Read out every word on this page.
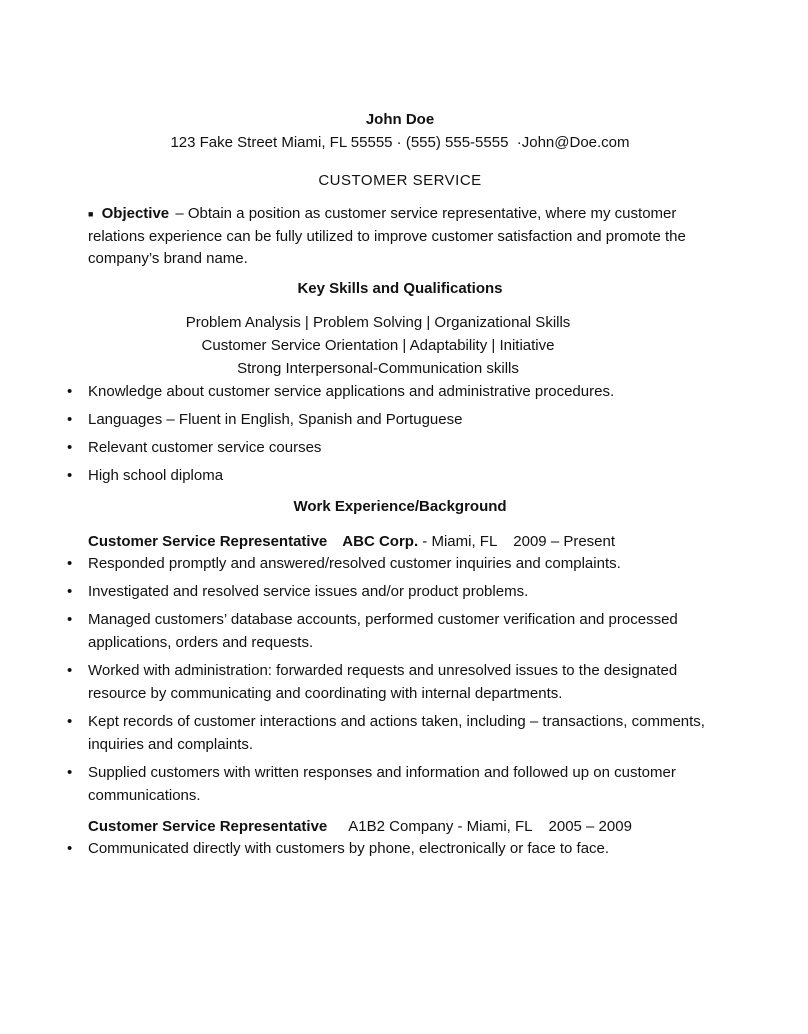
John Doe
123 Fake Street Miami, FL 55555 · (555) 555-5555  ·John@Doe.com
CUSTOMER SERVICE

■ Objective – Obtain a position as customer service representative, where my customer relations experience can be fully utilized to improve customer satisfaction and promote the company’s brand name.

Key Skills and Qualifications
Problem Analysis | Problem Solving | Organizational Skills
Customer Service Orientation | Adaptability | Initiative
Strong Interpersonal-Communication skills
• Knowledge about customer service applications and administrative procedures.
• Languages – Fluent in English, Spanish and Portuguese
• Relevant customer service courses
• High school diploma
Work Experience/Background
Customer Service Representative ABC Corp. - Miami, FL 2009 – Present
• Responded promptly and answered/resolved customer inquiries and complaints.
• Investigated and resolved service issues and/or product problems.
• Managed customers’ database accounts, performed customer verification and processed applications, orders and requests.
• Worked with administration: forwarded requests and unresolved issues to the designated resource by communicating and coordinating with internal departments.
• Kept records of customer interactions and actions taken, including – transactions, comments, inquiries and complaints.
• Supplied customers with written responses and information and followed up on customer communications.
Customer Service Representative A1B2 Company - Miami, FL 2005 – 2009
• Communicated directly with customers by phone, electronically or face to face.
